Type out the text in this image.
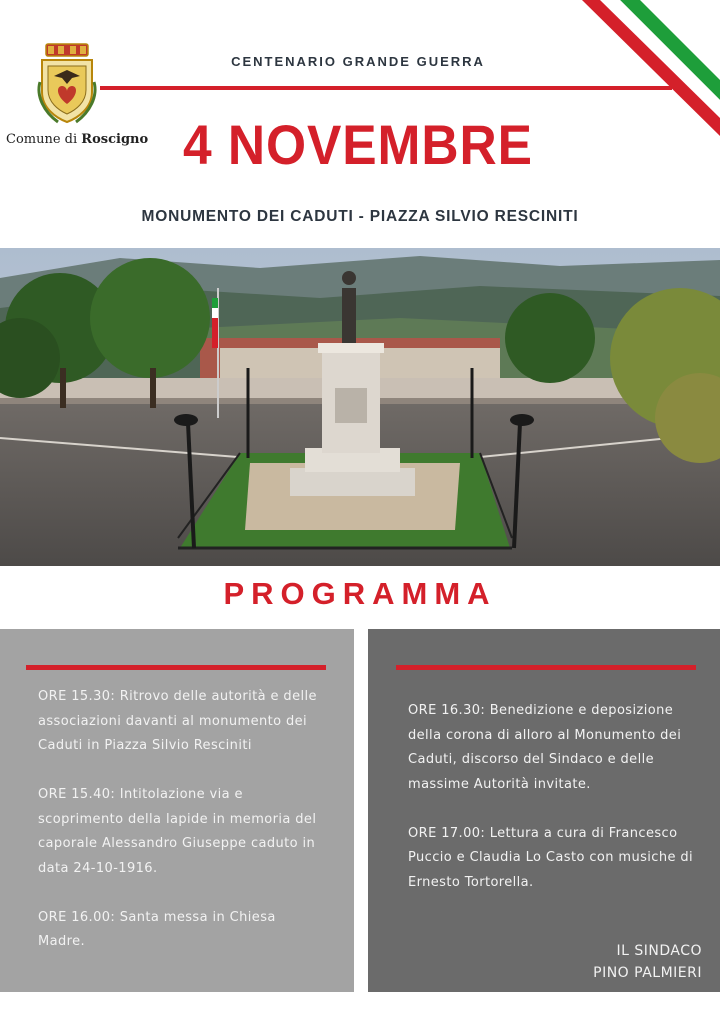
Comune di Roscigno
CENTENARIO GRANDE GUERRA
4 NOVEMBRE
MONUMENTO DEI CADUTI - PIAZZA SILVIO RESCINITI
PROGRAMMA

ORE 15.30: Ritrovo delle autorità e delle associazioni davanti al monumento dei Caduti in Piazza Silvio Resciniti

ORE 15.40: Intitolazione via e scoprimento della lapide in memoria del caporale Alessandro Giuseppe caduto in data 24-10-1916.

ORE 16.00: Santa messa in Chiesa Madre.

ORE 16.30: Benedizione e deposizione della corona di alloro al Monumento dei Caduti, discorso del Sindaco e delle massime Autorità invitate.

ORE 17.00: Lettura a cura di Francesco Puccio e Claudia Lo Casto con musiche di Ernesto Tortorella.

IL SINDACO
PINO PALMIERI
